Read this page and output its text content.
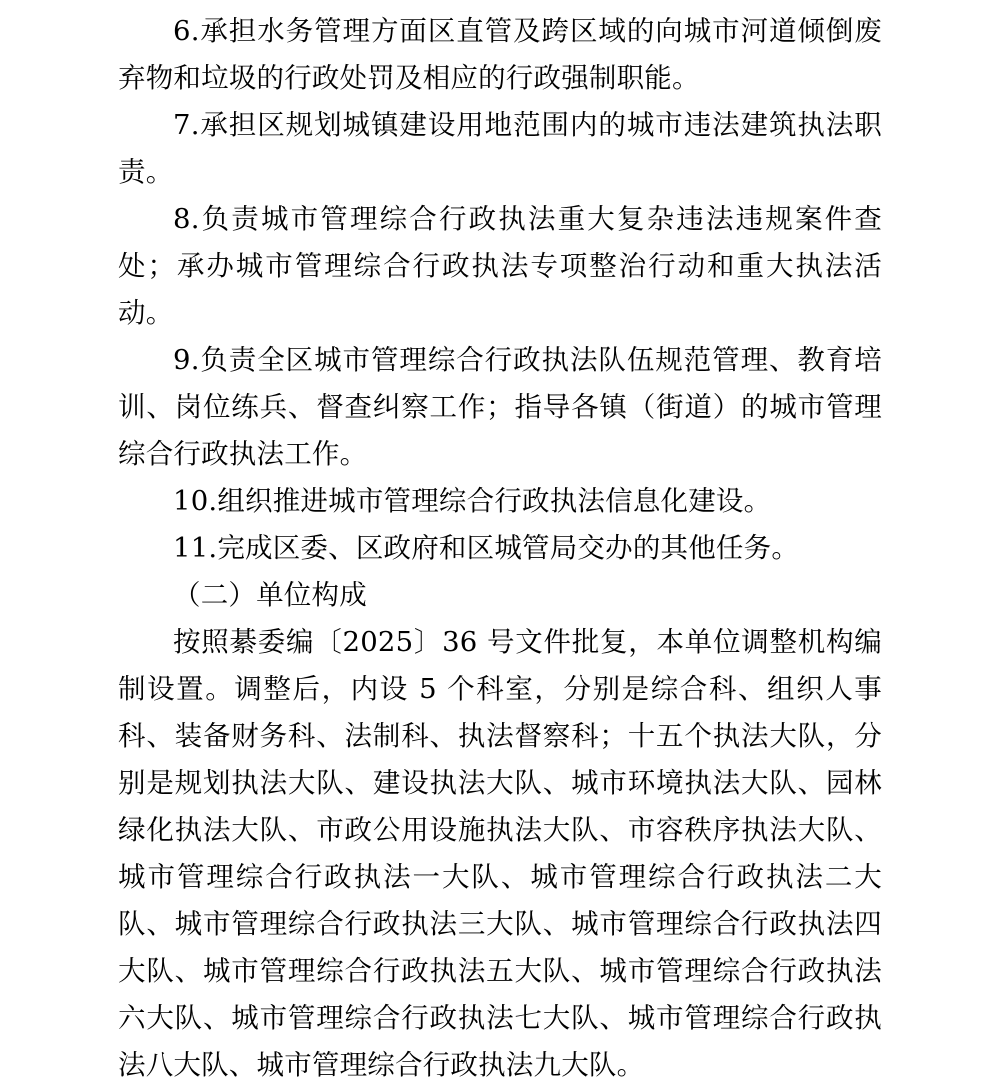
6.承担水务管理方面区直管及跨区域的向城市河道倾倒废弃物和垃圾的行政处罚及相应的行政强制职能。

7.承担区规划城镇建设用地范围内的城市违法建筑执法职责。

8.负责城市管理综合行政执法重大复杂违法违规案件查处；承办城市管理综合行政执法专项整治行动和重大执法活动。

9.负责全区城市管理综合行政执法队伍规范管理、教育培训、岗位练兵、督查纠察工作；指导各镇（街道）的城市管理综合行政执法工作。

10.组织推进城市管理综合行政执法信息化建设。

11.完成区委、区政府和区城管局交办的其他任务。

（二）单位构成

按照綦委编〔2025〕36 号文件批复，本单位调整机构编制设置。调整后，内设 5 个科室，分别是综合科、组织人事科、装备财务科、法制科、执法督察科；十五个执法大队，分别是规划执法大队、建设执法大队、城市环境执法大队、园林绿化执法大队、市政公用设施执法大队、市容秩序执法大队、城市管理综合行政执法一大队、城市管理综合行政执法二大队、城市管理综合行政执法三大队、城市管理综合行政执法四大队、城市管理综合行政执法五大队、城市管理综合行政执法六大队、城市管理综合行政执法七大队、城市管理综合行政执法八大队、城市管理综合行政执法九大队。
